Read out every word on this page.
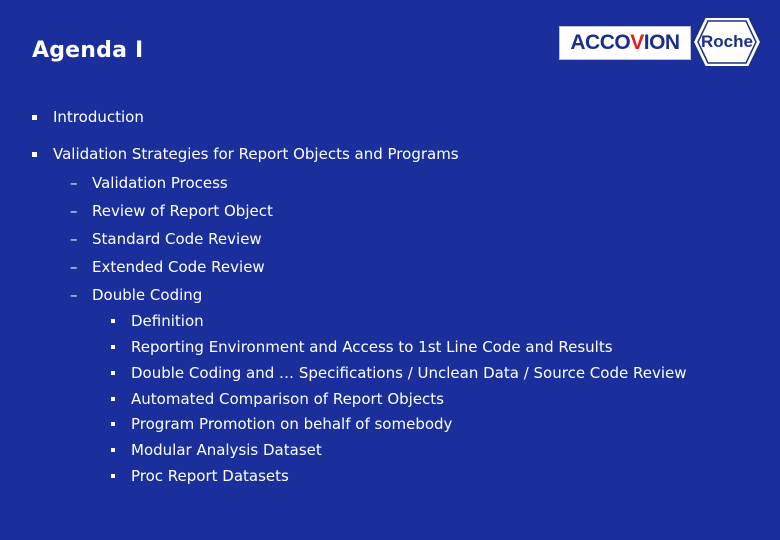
Agenda I	ACCO V ION Roche
Introduction
Validation Strategies for Report Objects and Programs
– Validation Process
– Review of Report Object
– Standard Code Review
– Extended Code Review
– Double Coding
Definition
Reporting Environment and Access to 1st Line Code and Results
Double Coding and … Specifications / Unclean Data / Source Code Review
Automated Comparison of Report Objects
Program Promotion on behalf of somebody
Modular Analysis Dataset
Proc Report Datasets
